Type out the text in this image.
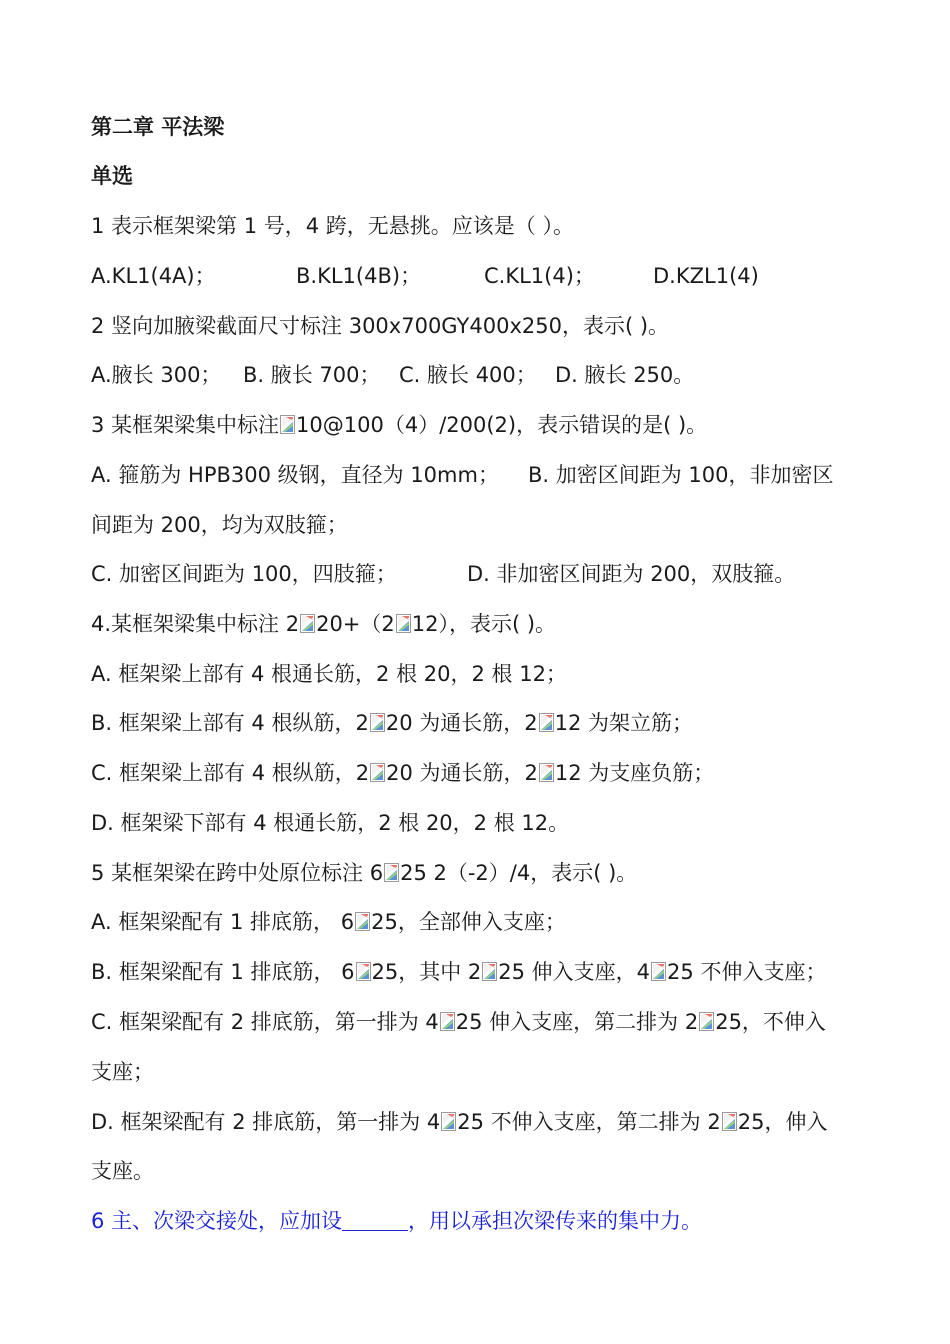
第二章 平法梁
单选
1 表示框架梁第 1 号，4 跨，无悬挑。应该是（ ）。
A.KL1(4A)；	B.KL1(4B)；	C.KL1(4)；	D.KZL1(4)
2 竖向加腋梁截面尺寸标注 300x700GY400x250，表示( )。
A.腋长 300； B. 腋长 700； C. 腋长 400； D. 腋长 250。
3 某框架梁集中标注 10@100（4）/200(2)，表示错误的是( )。
A. 箍筋为 HPB300 级钢，直径为 10mm； B. 加密区间距为 100，非加密区
间距为 200，均为双肢箍；
C. 加密区间距为 100，四肢箍；	D. 非加密区间距为 200，双肢箍。
4.某框架梁集中标注 2 20+（2 12），表示( )。
A. 框架梁上部有 4 根通长筋，2 根 20，2 根 12；
B. 框架梁上部有 4 根纵筋，2 20 为通长筋，2 12 为架立筋；
C. 框架梁上部有 4 根纵筋，2 20 为通长筋，2 12 为支座负筋；
D. 框架梁下部有 4 根通长筋，2 根 20，2 根 12。
5 某框架梁在跨中处原位标注 6 25 2（-2）/4，表示( )。
A. 框架梁配有 1 排底筋， 6 25，全部伸入支座；
B. 框架梁配有 1 排底筋， 6 25，其中 2 25 伸入支座，4 25 不伸入支座；
C. 框架梁配有 2 排底筋，第一排为 4 25 伸入支座，第二排为 2 25，不伸入
支座；
D. 框架梁配有 2 排底筋，第一排为 4 25 不伸入支座，第二排为 2 25，伸入
支座。
6 主、次梁交接处，应加设	，用以承担次梁传来的集中力。
